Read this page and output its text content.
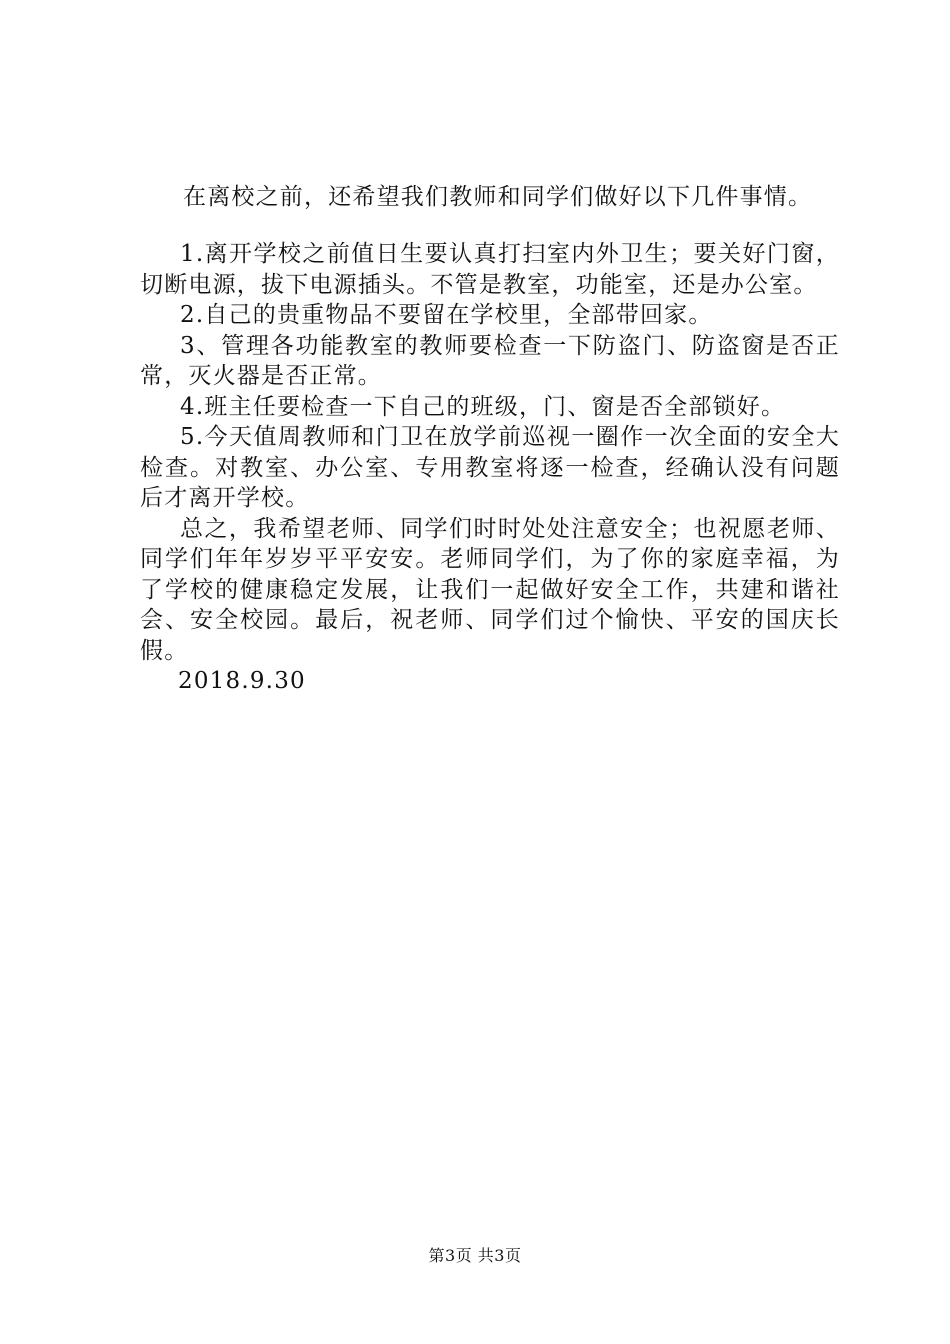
在离校之前，还希望我们教师和同学们做好以下几件事情。

1.离开学校之前值日生要认真打扫室内外卫生；要关好门窗，切断电源，拔下电源插头。不管是教室，功能室，还是办公室。

2.自己的贵重物品不要留在学校里，全部带回家。

3、管理各功能教室的教师要检查一下防盗门、防盗窗是否正常，灭火器是否正常。

4.班主任要检查一下自己的班级，门、窗是否全部锁好。

5.今天值周教师和门卫在放学前巡视一圈作一次全面的安全大检查。对教室、办公室、专用教室将逐一检查，经确认没有问题后才离开学校。

总之，我希望老师、同学们时时处处注意安全；也祝愿老师、同学们年年岁岁平平安安。老师同学们，为了你的家庭幸福，为了学校的健康稳定发展，让我们一起做好安全工作，共建和谐社会、安全校园。最后，祝老师、同学们过个愉快、平安的国庆长假。

2018.9.30

第3页 共3页
